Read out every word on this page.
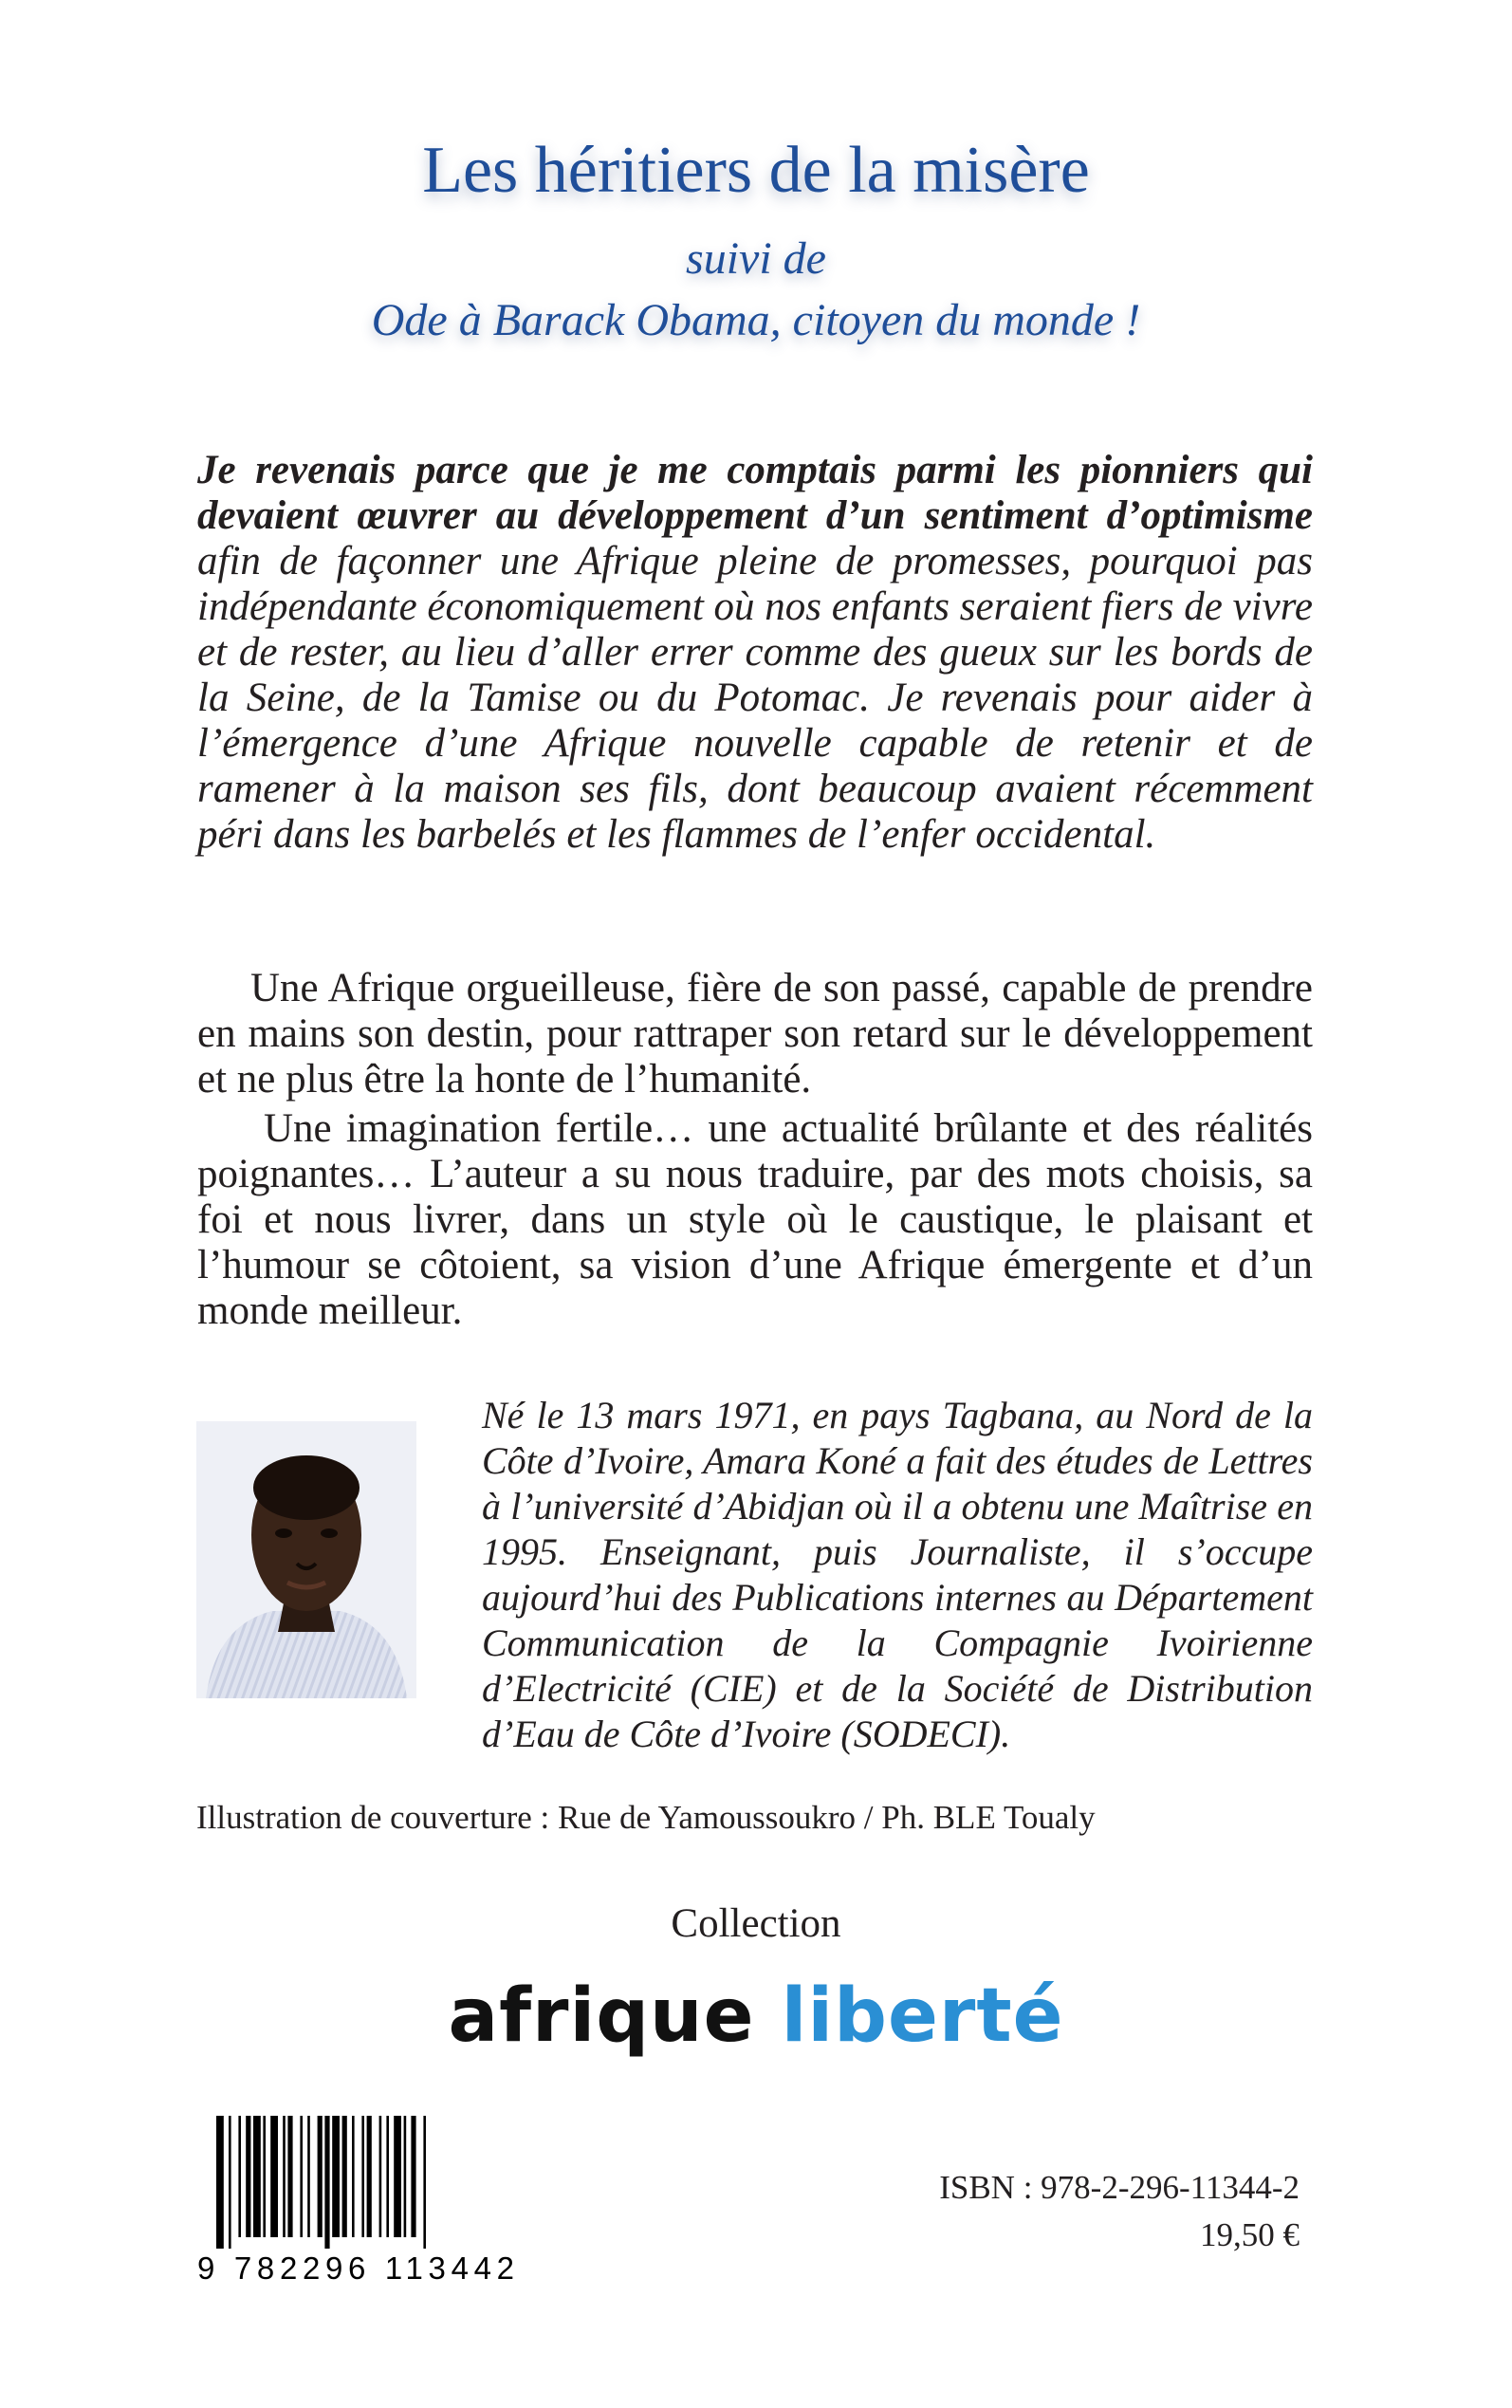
Les héritiers de la misère
suivi de
Ode à Barack Obama, citoyen du monde !

Je revenais parce que je me comptais parmi les pionniers qui devaient œuvrer au développement d’un sentiment d’optimisme afin de façonner une Afrique pleine de promesses, pourquoi pas indépendante économiquement où nos enfants seraient fiers de vivre et de rester, au lieu d’aller errer comme des gueux sur les bords de la Seine, de la Tamise ou du Potomac. Je revenais pour aider à l’émergence d’une Afrique nouvelle capable de retenir et de ramener à la maison ses fils, dont beaucoup avaient récemment péri dans les barbelés et les flammes de l’enfer occidental.

Une Afrique orgueilleuse, fière de son passé, capable de prendre en mains son destin, pour rattraper son retard sur le développement et ne plus être la honte de l’humanité.

Une imagination fertile… une actualité brûlante et des réalités poignantes… L’auteur a su nous traduire, par des mots choisis, sa foi et nous livrer, dans un style où le caustique, le plaisant et l’humour se côtoient, sa vision d’une Afrique émergente et d’un monde meilleur.

Né le 13 mars 1971, en pays Tagbana, au Nord de la Côte d’Ivoire, Amara Koné a fait des études de Lettres à l’université d’Abidjan où il a obtenu une Maîtrise en 1995. Enseignant, puis Journaliste, il s’occupe aujourd’hui des Publications internes au Département Communication de la Compagnie Ivoirienne d’Electricité (CIE) et de la Société de Distribution d’Eau de Côte d’Ivoire (SODECI).

Illustration de couverture : Rue de Yamoussoukro / Ph. BLE Toualy

Collection

afrique liberté

9 782296 113442

ISBN : 978-2-296-11344-2

19,50 €
